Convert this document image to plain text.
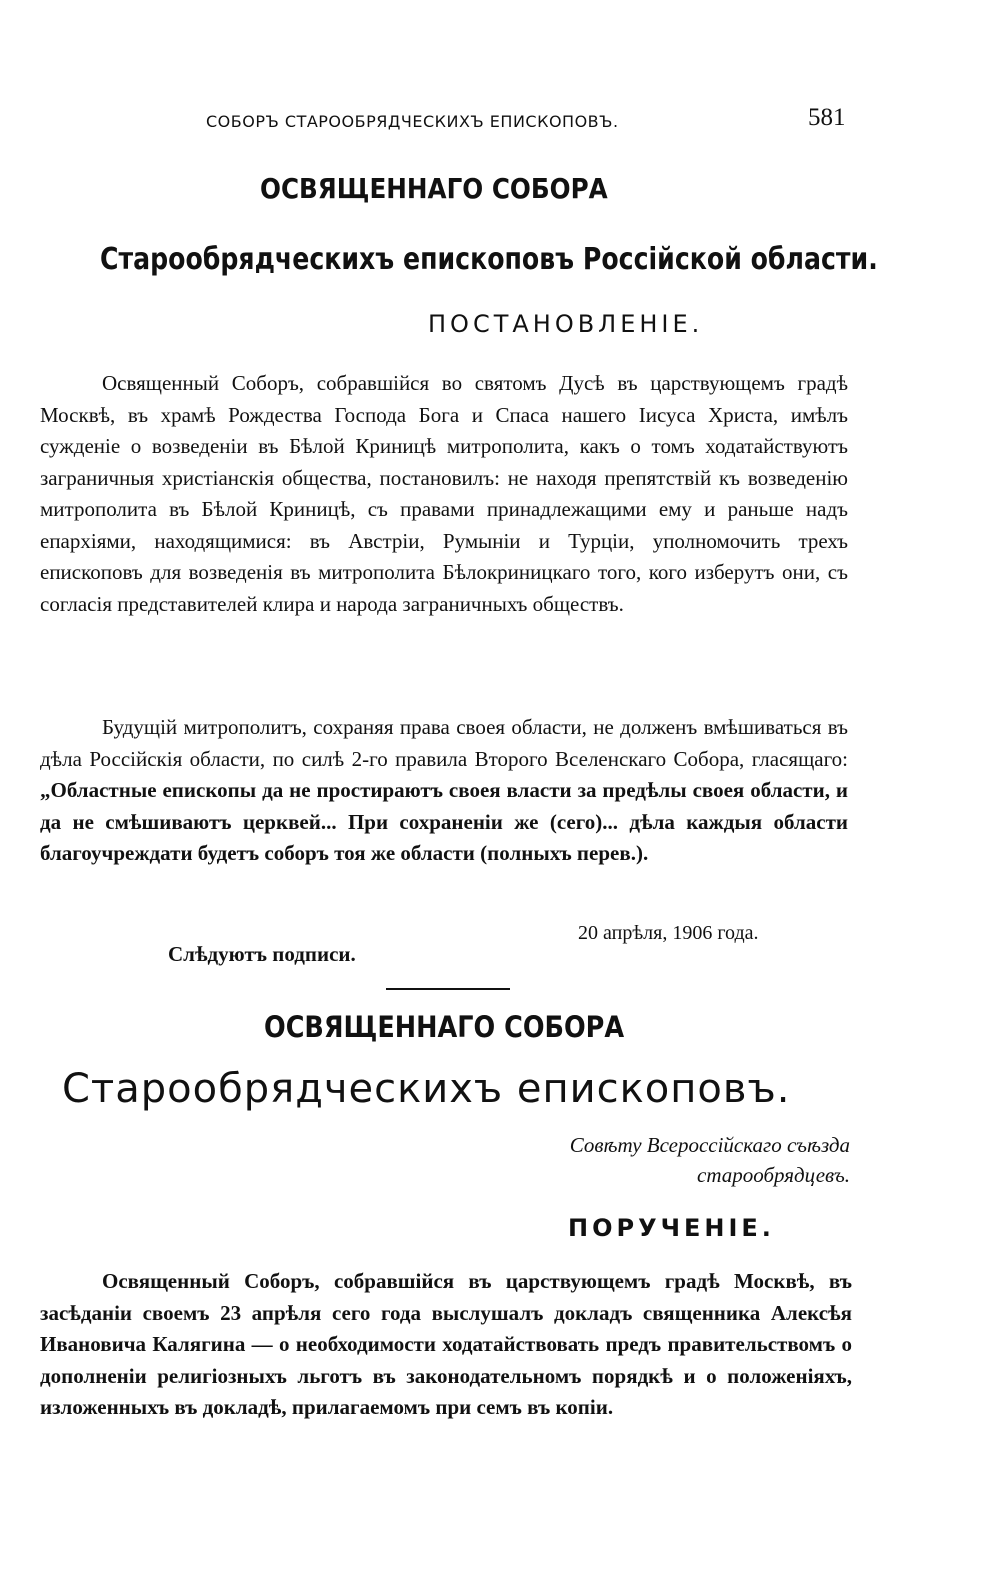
СОБОРЪ СТАРООБРЯДЧЕСКИХЪ ЕПИСКОПОВЪ.	581
ОСВЯЩЕННАГО СОБОРА
Старообрядческихъ епископовъ Россiйской области.
ПОСТАНОВЛЕНІЕ.

Освященный Соборъ, собравшiйся во святомъ Дусѣ въ царствующемъ градѣ Москвѣ, въ храмѣ Рождества Господа Бога и Спаса нашего Іисуса Христа, имѣлъ сужденiе о возведенiи въ Бѣлой Криницѣ митрополита, какъ о томъ ходатайствуютъ заграничныя христiанскiя общества, постановилъ: не находя препятствiй къ возведенiю митрополита въ Бѣлой Криницѣ, съ правами принадлежащими ему и раньше надъ епархiями, находящимися: въ Австрiи, Румынiи и Турцiи, уполномочить трехъ епископовъ для возведенiя въ митрополита Бѣлокриницкаго того, кого изберутъ они, съ согласiя представителей клира и народа заграничныхъ обществъ.

Будущiй митрополитъ, сохраняя права своея области, не долженъ вмѣшиваться въ дѣла Россiйскiя области, по силѣ 2-го правила Второго Вселенскаго Собора, гласящаго: „Областные епископы да не простираютъ своея власти за предѣлы своея области, и да не смѣшиваютъ церквей... При сохраненiи же (сего)... дѣла каждыя области благоучреждати будетъ соборъ тоя же области (полныхъ перев.).

20 апрѣля, 1906 года.
Слѣдуютъ подписи.
ОСВЯЩЕННАГО СОБОРА
Старообрядческихъ епископовъ.
Совѣту Всероссiйскаго съѣзда старообрядцевъ.
ПОРУЧЕНІЕ.

Освященный Соборъ, собравшiйся въ царствующемъ градѣ Москвѣ, въ засѣданiи своемъ 23 апрѣля сего года выслушалъ докладъ священника Алексѣя Ивановича Калягина — о необходимости ходатайствовать предъ правительствомъ о дополненiи религiозныхъ льготъ въ законодательномъ порядкѣ и о положенiяхъ, изложенныхъ въ докладѣ, прилагаемомъ при семъ въ копiи.
